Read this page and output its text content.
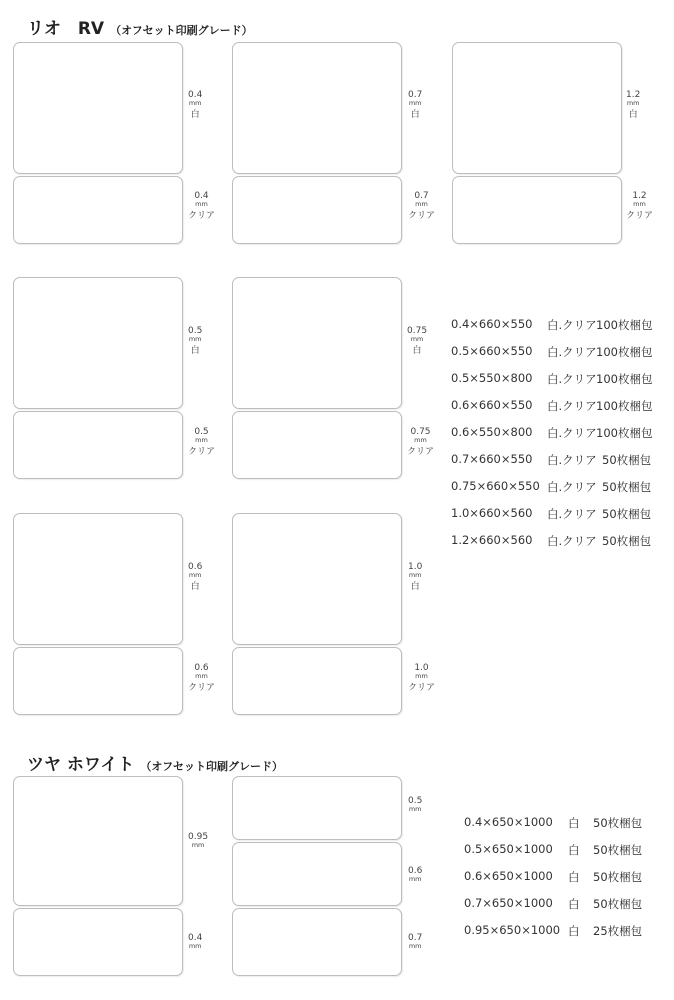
リオ　RV （オフセット印刷グレード）
0.4
mm
白
0.7
mm
白
1.2
mm
白
0.4
mm
クリア
0.7
mm
クリア
1.2
mm
クリア
0.5
mm
白
0.75
mm
白
0.5
mm
クリア
0.75
mm
クリア
0.6
mm
白
1.0
mm
白
0.6
mm
クリア
1.0
mm
クリア
0.4×660×550 白.クリア 100枚梱包
0.5×660×550 白.クリア 100枚梱包
0.5×550×800 白.クリア 100枚梱包
0.6×660×550 白.クリア 100枚梱包
0.6×550×800 白.クリア 100枚梱包
0.7×660×550 白.クリア 50枚梱包
0.75×660×550 白.クリア 50枚梱包
1.0×660×560 白.クリア 50枚梱包
1.2×660×560 白.クリア 50枚梱包
ツヤ ホワイト （オフセット印刷グレード）
0.95
mm
0.5
mm
0.6
mm
0.4
mm
0.7
mm
0.4×650×1000 白 50枚梱包
0.5×650×1000 白 50枚梱包
0.6×650×1000 白 50枚梱包
0.7×650×1000 白 50枚梱包
0.95×650×1000 白 25枚梱包
